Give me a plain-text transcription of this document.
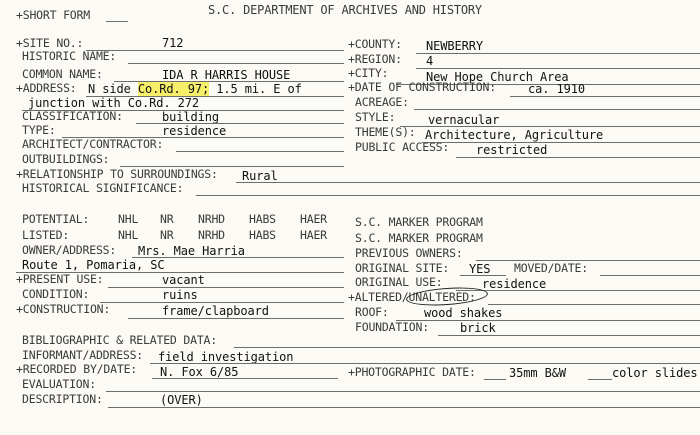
+SHORT FORM	S.C. DEPARTMENT OF ARCHIVES AND HISTORY
+SITE NO.:	712
HISTORIC NAME:
COMMON NAME:	IDA R HARRIS HOUSE
+ADDRESS: N side Co.Rd. 97; 1.5 mi. E of
junction with Co.Rd. 272
CLASSIFICATION:	building
TYPE:	residence
ARCHITECT/CONTRACTOR:
OUTBUILDINGS:
+RELATIONSHIP TO SURROUNDINGS: Rural
HISTORICAL SIGNIFICANCE:
+COUNTY: NEWBERRY
+REGION: 4
+CITY:	New Hope Church Area
+DATE OF CONSTRUCTION:	ca. 1910
ACREAGE:
STYLE:	vernacular
THEME(S): Architecture, Agriculture
PUBLIC ACCESS: restricted
POTENTIAL:	NHL NR NRHD HABS HAER
LISTED:	NHL NR NRHD HABS HAER
OWNER/ADDRESS: Mrs. Mae Harria
Route 1, Pomaria, SC
+PRESENT USE:	vacant
CONDITION:	ruins
+CONSTRUCTION:	frame/clapboard
S.C. MARKER PROGRAM
S.C. MARKER PROGRAM
PREVIOUS OWNERS:
ORIGINAL SITE: YES MOVED/DATE:
ORIGINAL USE:	residence
+ALTERED/UNALTERED:
ROOF:	wood shakes
FOUNDATION:	brick
BIBLIOGRAPHIC & RELATED DATA:
INFORMANT/ADDRESS: field investigation
+RECORDED BY/DATE: N. Fox 6/85	+PHOTOGRAPHIC DATE:	35mm B&W	color slides
EVALUATION:
DESCRIPTION:	(OVER)
